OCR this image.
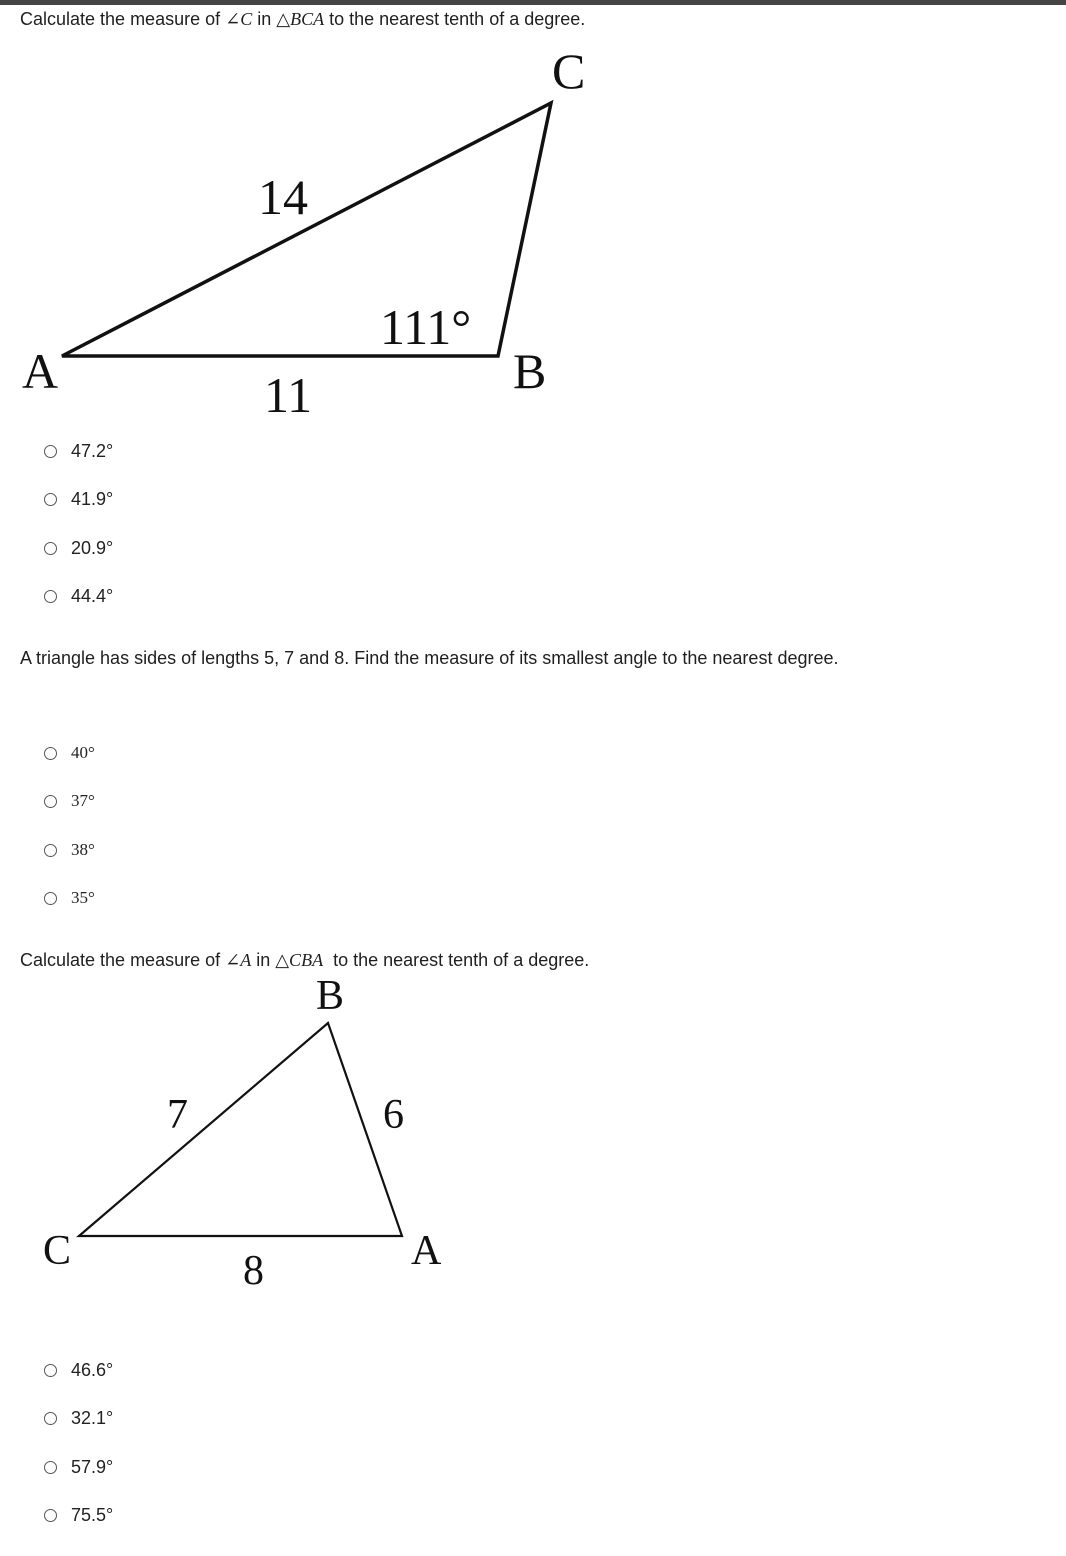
Calculate the measure of ∠C in △BCA to the nearest tenth of a degree.
C
A	B
14
11
111°
47.2°
41.9°
20.9°
44.4°
A triangle has sides of lengths 5, 7 and 8. Find the measure of its smallest angle to the nearest degree.
40°
37°
38°
35°
Calculate the measure of ∠A in △CBA  to the nearest tenth of a degree.
B
C	A
7	6
8
46.6°
32.1°
57.9°
75.5°
